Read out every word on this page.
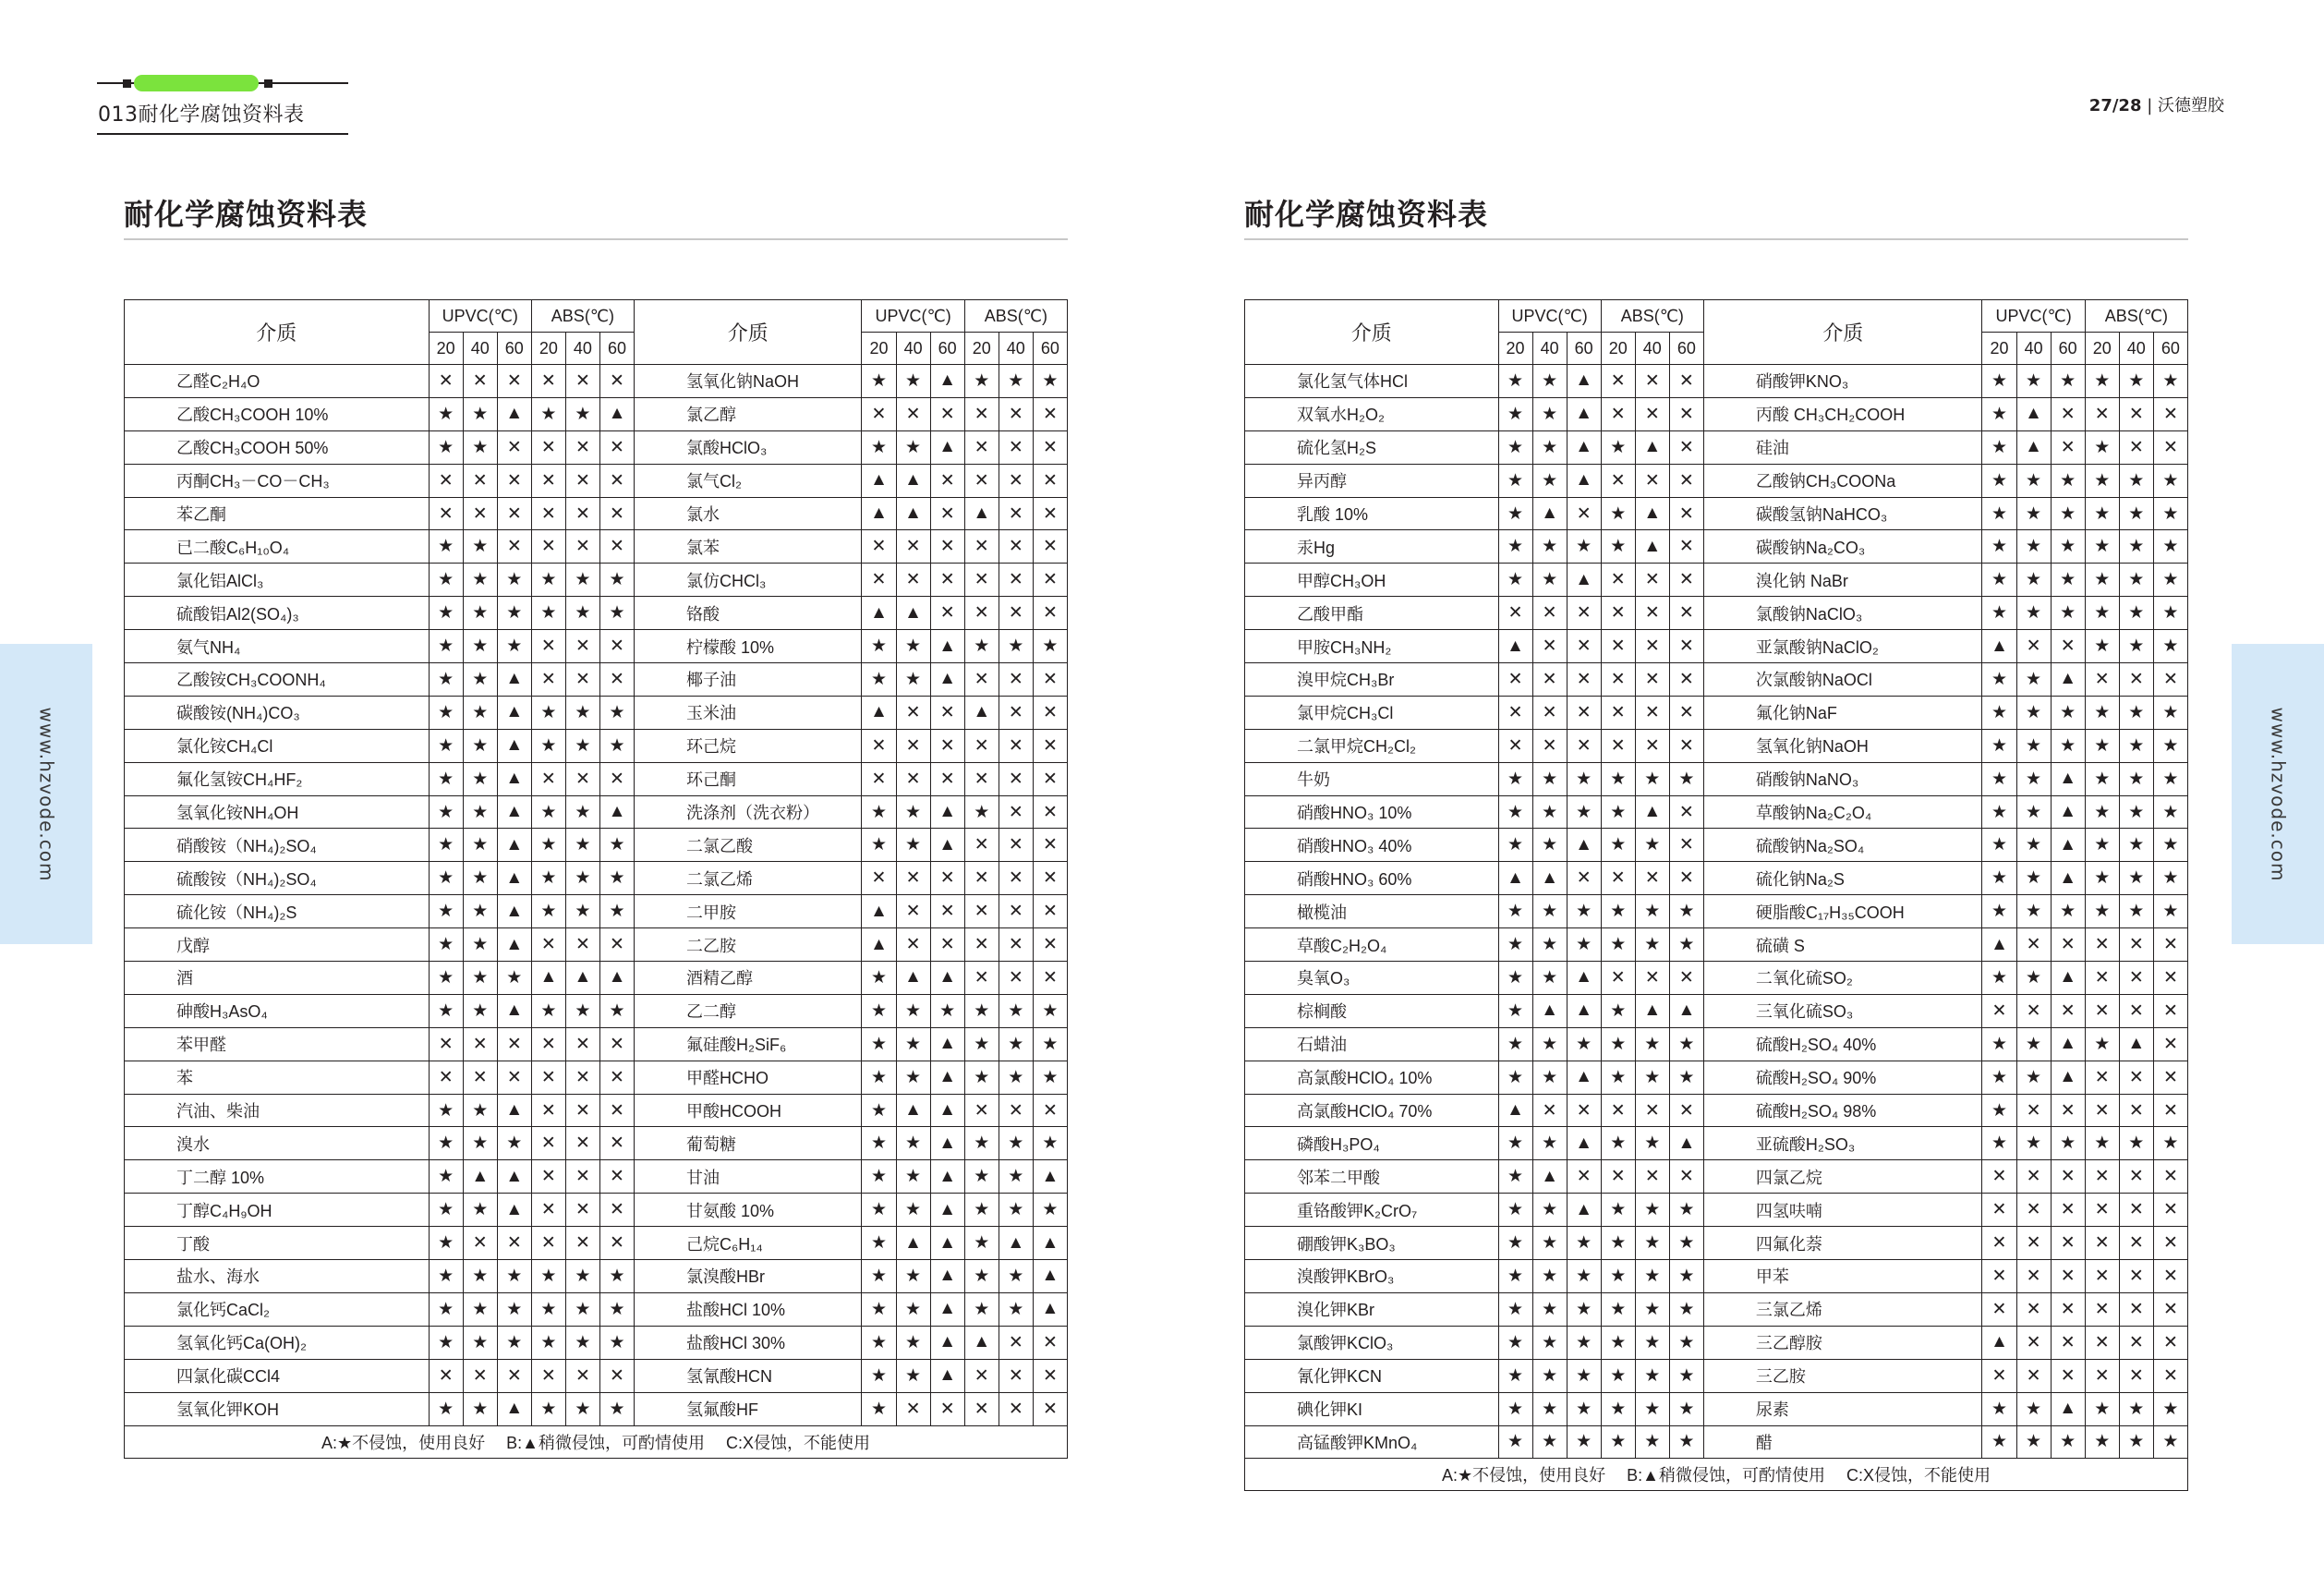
013耐化学腐蚀资料表	27/28 | 沃德塑胶
www.hzvode.com	www.hzvode.com
耐化学腐蚀资料表	耐化学腐蚀资料表
介质	UPVC(℃)			ABS(℃)			介质	UPVC(℃)			ABS(℃)		
	20	40	60	20	40	60		20	40	60	20	40	60
乙醛C₂H₄O	✕	✕	✕	✕	✕	✕	氢氧化钠NaOH	★	★	▲	★	★	★
乙酸CH₃COOH 10%	★	★	▲	★	★	▲	氯乙醇	✕	✕	✕	✕	✕	✕
乙酸CH₃COOH 50%	★	★	✕	✕	✕	✕	氯酸HClO₃	★	★	▲	✕	✕	✕
丙酮CH₃－CO－CH₃	✕	✕	✕	✕	✕	✕	氯气Cl₂	▲	▲	✕	✕	✕	✕
苯乙酮	✕	✕	✕	✕	✕	✕	氯水	▲	▲	✕	▲	✕	✕
已二酸C₆H₁₀O₄	★	★	✕	✕	✕	✕	氯苯	✕	✕	✕	✕	✕	✕
氯化铝AlCl₃	★	★	★	★	★	★	氯仿CHCl₃	✕	✕	✕	✕	✕	✕
硫酸铝Al2(SO₄)₃	★	★	★	★	★	★	铬酸	▲	▲	✕	✕	✕	✕
氨气NH₄	★	★	★	✕	✕	✕	柠檬酸 10%	★	★	▲	★	★	★
乙酸铵CH₃COONH₄	★	★	▲	✕	✕	✕	椰子油	★	★	▲	✕	✕	✕
碳酸铵(NH₄)CO₃	★	★	▲	★	★	★	玉米油	▲	✕	✕	▲	✕	✕
氯化铵CH₄Cl	★	★	▲	★	★	★	环己烷	✕	✕	✕	✕	✕	✕
氟化氢铵CH₄HF₂	★	★	▲	✕	✕	✕	环己酮	✕	✕	✕	✕	✕	✕
氢氧化铵NH₄OH	★	★	▲	★	★	▲	洗涤剂（洗衣粉）	★	★	▲	★	✕	✕
硝酸铵（NH₄)₂SO₄	★	★	▲	★	★	★	二氯乙酸	★	★	▲	✕	✕	✕
硫酸铵（NH₄)₂SO₄	★	★	▲	★	★	★	二氯乙烯	✕	✕	✕	✕	✕	✕
硫化铵（NH₄)₂S	★	★	▲	★	★	★	二甲胺	▲	✕	✕	✕	✕	✕
戊醇	★	★	▲	✕	✕	✕	二乙胺	▲	✕	✕	✕	✕	✕
酒	★	★	★	▲	▲	▲	酒精乙醇	★	▲	▲	✕	✕	✕
砷酸H₃AsO₄	★	★	▲	★	★	★	乙二醇	★	★	★	★	★	★
苯甲醛	✕	✕	✕	✕	✕	✕	氟硅酸H₂SiF₆	★	★	▲	★	★	★
苯	✕	✕	✕	✕	✕	✕	甲醛HCHO	★	★	▲	★	★	★
汽油、柴油	★	★	▲	✕	✕	✕	甲酸HCOOH	★	▲	▲	✕	✕	✕
溴水	★	★	★	✕	✕	✕	葡萄糖	★	★	▲	★	★	★
丁二醇 10%	★	▲	▲	✕	✕	✕	甘油	★	★	▲	★	★	▲
丁醇C₄H₉OH	★	★	▲	✕	✕	✕	甘氨酸 10%	★	★	▲	★	★	★
丁酸	★	✕	✕	✕	✕	✕	己烷C₆H₁₄	★	▲	▲	★	▲	▲
盐水、海水	★	★	★	★	★	★	氯溴酸HBr	★	★	▲	★	★	▲
氯化钙CaCl₂	★	★	★	★	★	★	盐酸HCl 10%	★	★	▲	★	★	▲
氢氧化钙Ca(OH)₂	★	★	★	★	★	★	盐酸HCl 30%	★	★	▲	▲	✕	✕
四氯化碳CCl4	✕	✕	✕	✕	✕	✕	氢氰酸HCN	★	★	▲	✕	✕	✕
氢氧化钾KOH	★	★	▲	★	★	★	氢氟酸HF	★	✕	✕	✕	✕	✕
A:★不侵蚀，使用良好　 B:▲稍微侵蚀，可酌情使用　 C:X侵蚀，不能使用													
介质	UPVC(℃)			ABS(℃)			介质	UPVC(℃)			ABS(℃)		
	20	40	60	20	40	60		20	40	60	20	40	60
氯化氢气体HCl	★	★	▲	✕	✕	✕	硝酸钾KNO₃	★	★	★	★	★	★
双氧水H₂O₂	★	★	▲	✕	✕	✕	丙酸 CH₃CH₂COOH	★	▲	✕	✕	✕	✕
硫化氢H₂S	★	★	▲	★	▲	✕	硅油	★	▲	✕	★	✕	✕
异丙醇	★	★	▲	✕	✕	✕	乙酸钠CH₃COONa	★	★	★	★	★	★
乳酸 10%	★	▲	✕	★	▲	✕	碳酸氢钠NaHCO₃	★	★	★	★	★	★
汞Hg	★	★	★	★	▲	✕	碳酸钠Na₂CO₃	★	★	★	★	★	★
甲醇CH₃OH	★	★	▲	✕	✕	✕	溴化钠 NaBr	★	★	★	★	★	★
乙酸甲酯	✕	✕	✕	✕	✕	✕	氯酸钠NaClO₃	★	★	★	★	★	★
甲胺CH₃NH₂	▲	✕	✕	✕	✕	✕	亚氯酸钠NaClO₂	▲	✕	✕	★	★	★
溴甲烷CH₃Br	✕	✕	✕	✕	✕	✕	次氯酸钠NaOCl	★	★	▲	✕	✕	✕
氯甲烷CH₃Cl	✕	✕	✕	✕	✕	✕	氟化钠NaF	★	★	★	★	★	★
二氯甲烷CH₂Cl₂	✕	✕	✕	✕	✕	✕	氢氧化钠NaOH	★	★	★	★	★	★
牛奶	★	★	★	★	★	★	硝酸钠NaNO₃	★	★	▲	★	★	★
硝酸HNO₃ 10%	★	★	★	★	▲	✕	草酸钠Na₂C₂O₄	★	★	▲	★	★	★
硝酸HNO₃ 40%	★	★	▲	★	★	✕	硫酸钠Na₂SO₄	★	★	▲	★	★	★
硝酸HNO₃ 60%	▲	▲	✕	✕	✕	✕	硫化钠Na₂S	★	★	▲	★	★	★
橄榄油	★	★	★	★	★	★	硬脂酸C₁₇H₃₅COOH	★	★	★	★	★	★
草酸C₂H₂O₄	★	★	★	★	★	★	硫磺 S	▲	✕	✕	✕	✕	✕
臭氧O₃	★	★	▲	✕	✕	✕	二氧化硫SO₂	★	★	▲	✕	✕	✕
棕榈酸	★	▲	▲	★	▲	▲	三氧化硫SO₃	✕	✕	✕	✕	✕	✕
石蜡油	★	★	★	★	★	★	硫酸H₂SO₄ 40%	★	★	▲	★	▲	✕
高氯酸HClO₄ 10%	★	★	▲	★	★	★	硫酸H₂SO₄ 90%	★	★	▲	✕	✕	✕
高氯酸HClO₄ 70%	▲	✕	✕	✕	✕	✕	硫酸H₂SO₄ 98%	★	✕	✕	✕	✕	✕
磷酸H₃PO₄	★	★	▲	★	★	▲	亚硫酸H₂SO₃	★	★	★	★	★	★
邻苯二甲酸	★	▲	✕	✕	✕	✕	四氯乙烷	✕	✕	✕	✕	✕	✕
重铬酸钾K₂CrO₇	★	★	▲	★	★	★	四氢呋喃	✕	✕	✕	✕	✕	✕
硼酸钾K₃BO₃	★	★	★	★	★	★	四氟化萘	✕	✕	✕	✕	✕	✕
溴酸钾KBrO₃	★	★	★	★	★	★	甲苯	✕	✕	✕	✕	✕	✕
溴化钾KBr	★	★	★	★	★	★	三氯乙烯	✕	✕	✕	✕	✕	✕
氯酸钾KClO₃	★	★	★	★	★	★	三乙醇胺	▲	✕	✕	✕	✕	✕
氰化钾KCN	★	★	★	★	★	★	三乙胺	✕	✕	✕	✕	✕	✕
碘化钾KI	★	★	★	★	★	★	尿素	★	★	▲	★	★	★
高锰酸钾KMnO₄	★	★	★	★	★	★	醋	★	★	★	★	★	★
A:★不侵蚀，使用良好　 B:▲稍微侵蚀，可酌情使用　 C:X侵蚀，不能使用													
